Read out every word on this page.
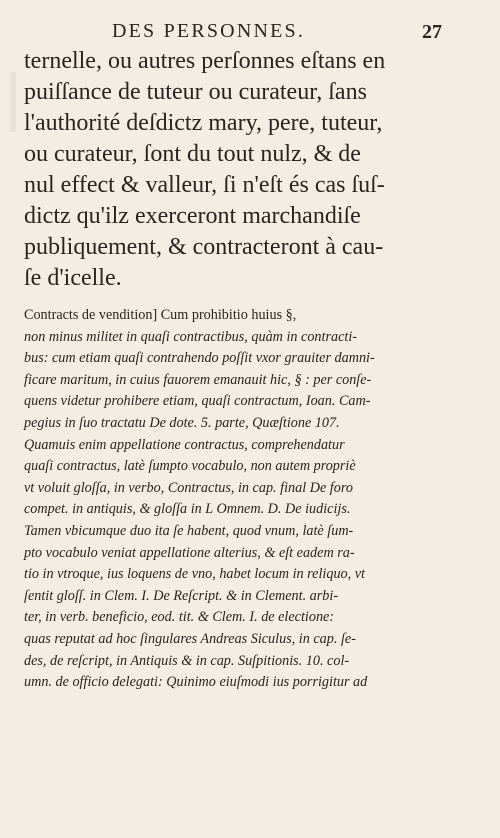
DES PERSONNES.	27
ternelle, ou autres perſonnes eſtans en
puiſſance de tuteur ou curateur, ſans
l'authorité deſdictz mary, pere, tuteur,
ou curateur, ſont du tout nulz, & de
nul effect & valleur, ſi n'eſt és cas ſuſ-
dictz qu'ilz exerceront marchandiſe
publiquement, & contracteront à cau-
ſe d'icelle.
Contracts de vendition] Cum prohibitio huius §,
non minus militet in quaſi contractibus, quàm in contracti-
bus: cum etiam quaſi contrahendo poſſit vxor grauiter damni-
ficare maritum, in cuius fauorem emanauit hic, § : per conſe-
quens videtur prohibere etiam, quaſi contractum, Ioan. Cam-
pegius in ſuo tractatu De dote. 5. parte, Quæſtione 107.
Quamuis enim appellatione contractus, comprehendatur
quaſi contractus, latè ſumpto vocabulo, non autem propriè
vt voluit gloſſa, in verbo, Contractus, in cap. final De foro
compet. in antiquis, & gloſſa in L Omnem. D. De iudicijs.
Tamen vbicumque duo ita ſe habent, quod vnum, latè ſum-
pto vocabulo veniat appellatione alterius, & eſt eadem ra-
tio in vtroque, ius loquens de vno, habet locum in reliquo, vt
ſentit gloſſ. in Clem. I. De Reſcript. & in Clement. arbi-
ter, in verb. beneficio, eod. tit. & Clem. I. de electione:
quas reputat ad hoc ſingulares Andreas Siculus, in cap. ſe-
des, de reſcript, in Antiquis & in cap. Suſpitionis. 10. col-
umn. de officio delegati: Quinimo eiuſmodi ius porrigitur ad
